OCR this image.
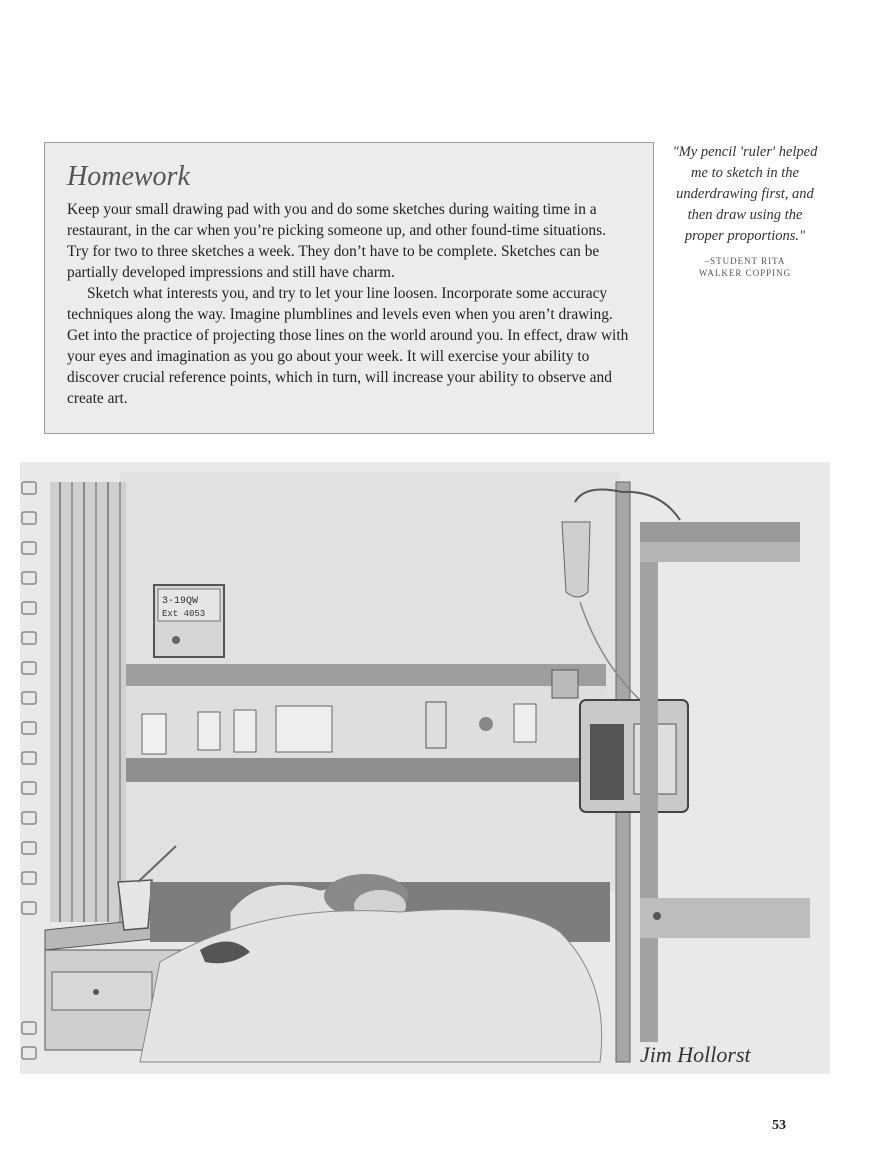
Homework

Keep your small drawing pad with you and do some sketches during waiting time in a restaurant, in the car when you’re picking someone up, and other found-time situations. Try for two to three sketches a week. They don’t have to be complete. Sketches can be partially developed impressions and still have charm.

Sketch what interests you, and try to let your line loosen. Incorporate some accuracy techniques along the way. Imagine plumblines and levels even when you aren’t drawing. Get into the practice of projecting those lines on the world around you. In effect, draw with your eyes and imagination as you go about your week. It will exercise your ability to discover crucial reference points, which in turn, will increase your ability to observe and create art.

"My pencil 'ruler' helped me to sketch in the underdrawing first, and then draw using the proper proportions."

–STUDENT RITA
WALKER COPPING
3-19QW
Ext 4053
Jim Hollorst
53
